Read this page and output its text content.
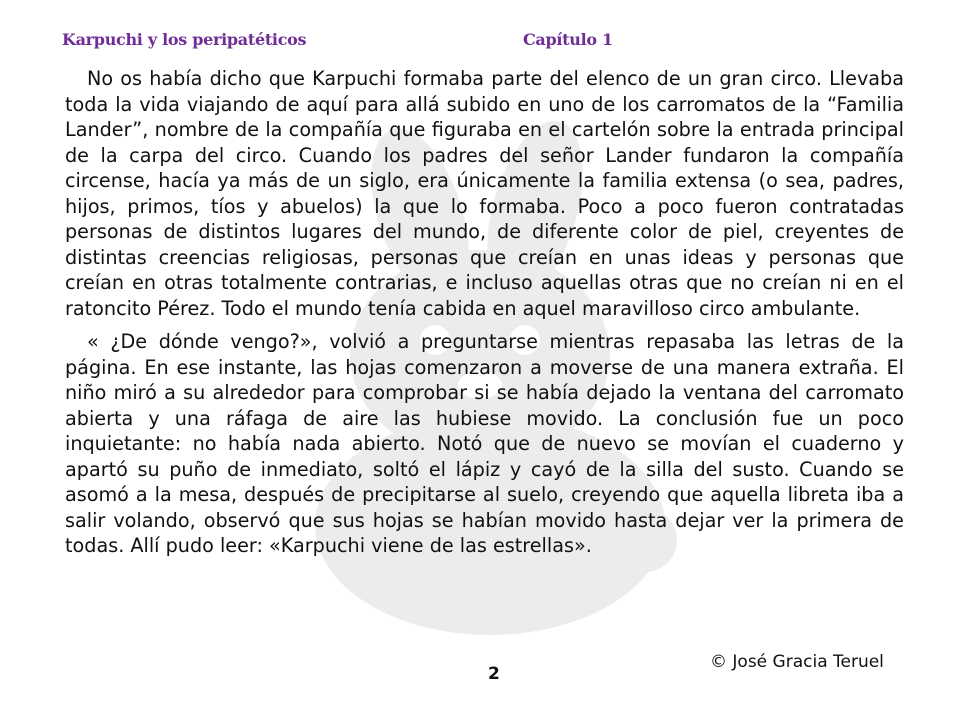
Karpuchi y los peripatéticos	Capítulo 1

No os había dicho que Karpuchi formaba parte del elenco de un gran circo. Llevaba toda la vida viajando de aquí para allá subido en uno de los carromatos de la “Familia Lander”, nombre de la compañía que figuraba en el cartelón sobre la entrada principal de la carpa del circo. Cuando los padres del señor Lander fundaron la compañía circense, hacía ya más de un siglo, era únicamente la familia extensa (o sea, padres, hijos, primos, tíos y abuelos) la que lo formaba. Poco a poco fueron contratadas personas de distintos lugares del mundo, de diferente color de piel, creyentes de distintas creencias religiosas, personas que creían en unas ideas y personas que creían en otras totalmente contrarias, e incluso aquellas otras que no creían ni en el ratoncito Pérez. Todo el mundo tenía cabida en aquel maravilloso circo ambulante.

« ¿De dónde vengo?», volvió a preguntarse mientras repasaba las letras de la página. En ese instante, las hojas comenzaron a moverse de una manera extraña. El niño miró a su alrededor para comprobar si se había dejado la ventana del carromato abierta y una ráfaga de aire las hubiese movido. La conclusión fue un poco inquietante: no había nada abierto. Notó que de nuevo se movían el cuaderno y apartó su puño de inmediato, soltó el lápiz y cayó de la silla del susto. Cuando se asomó a la mesa, después de precipitarse al suelo, creyendo que aquella libreta iba a salir volando, observó que sus hojas se habían movido hasta dejar ver la primera de todas. Allí pudo leer: «Karpuchi viene de las estrellas».

2
© José Gracia Teruel
